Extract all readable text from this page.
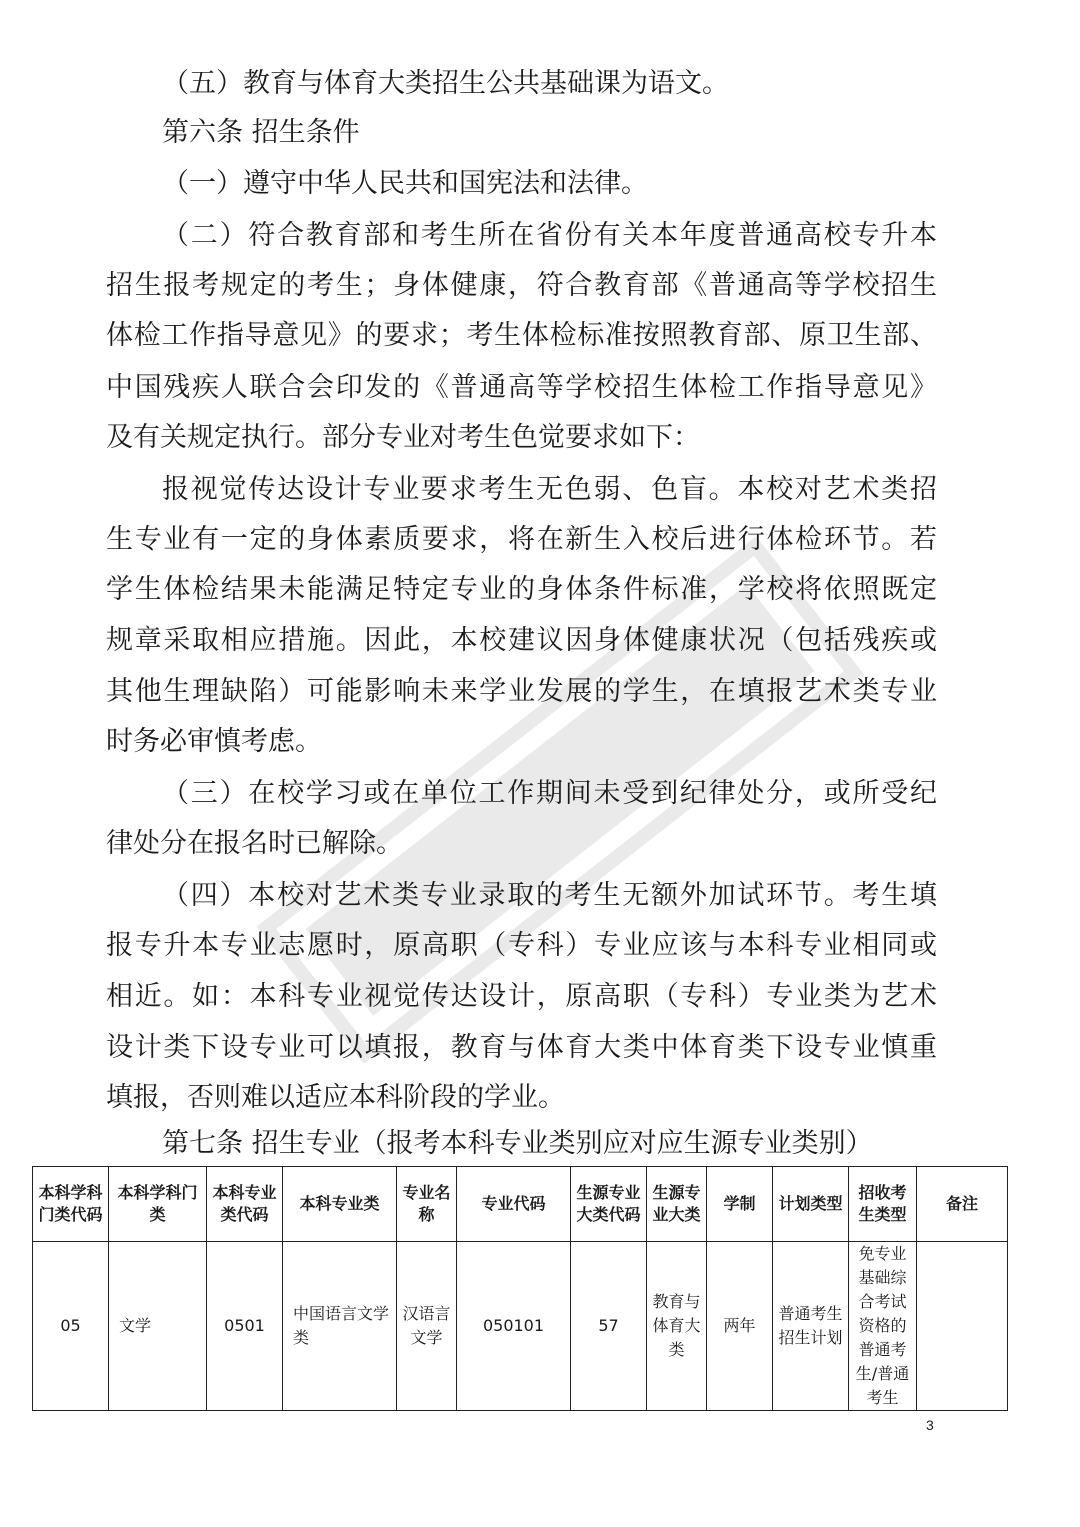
（五）教育与体育大类招生公共基础课为语文。
第六条 招生条件
（一）遵守中华人民共和国宪法和法律。
（二）符合教育部和考生所在省份有关本年度普通高校专升本
招生报考规定的考生；身体健康，符合教育部《普通高等学校招生
体检工作指导意见》的要求；考生体检标准按照教育部、原卫生部、
中国残疾人联合会印发的《普通高等学校招生体检工作指导意见》
及有关规定执行。部分专业对考生色觉要求如下：
报视觉传达设计专业要求考生无色弱、色盲。本校对艺术类招
生专业有一定的身体素质要求，将在新生入校后进行体检环节。若
学生体检结果未能满足特定专业的身体条件标准，学校将依照既定
规章采取相应措施。因此，本校建议因身体健康状况（包括残疾或
其他生理缺陷）可能影响未来学业发展的学生，在填报艺术类专业
时务必审慎考虑。
（三）在校学习或在单位工作期间未受到纪律处分，或所受纪
律处分在报名时已解除。
（四）本校对艺术类专业录取的考生无额外加试环节。考生填
报专升本专业志愿时，原高职（专科）专业应该与本科专业相同或
相近。如：本科专业视觉传达设计，原高职（专科）专业类为艺术
设计类下设专业可以填报，教育与体育大类中体育类下设专业慎重
填报，否则难以适应本科阶段的学业。
第七条 招生专业（报考本科专业类别应对应生源专业类别）
本科学科门类代码	本科学科门类	本科专业类代码	本科专业类	专业名称	专业代码	生源专业大类代码	生源专业大类	学制	计划类型	招收考生类型	备注
05	文学	0501	中国语言文学类	汉语言文学	050101	57	教育与体育大类	两年	普通考生招生计划	免专业基础综合考试资格的普通考生/普通考生	
3
